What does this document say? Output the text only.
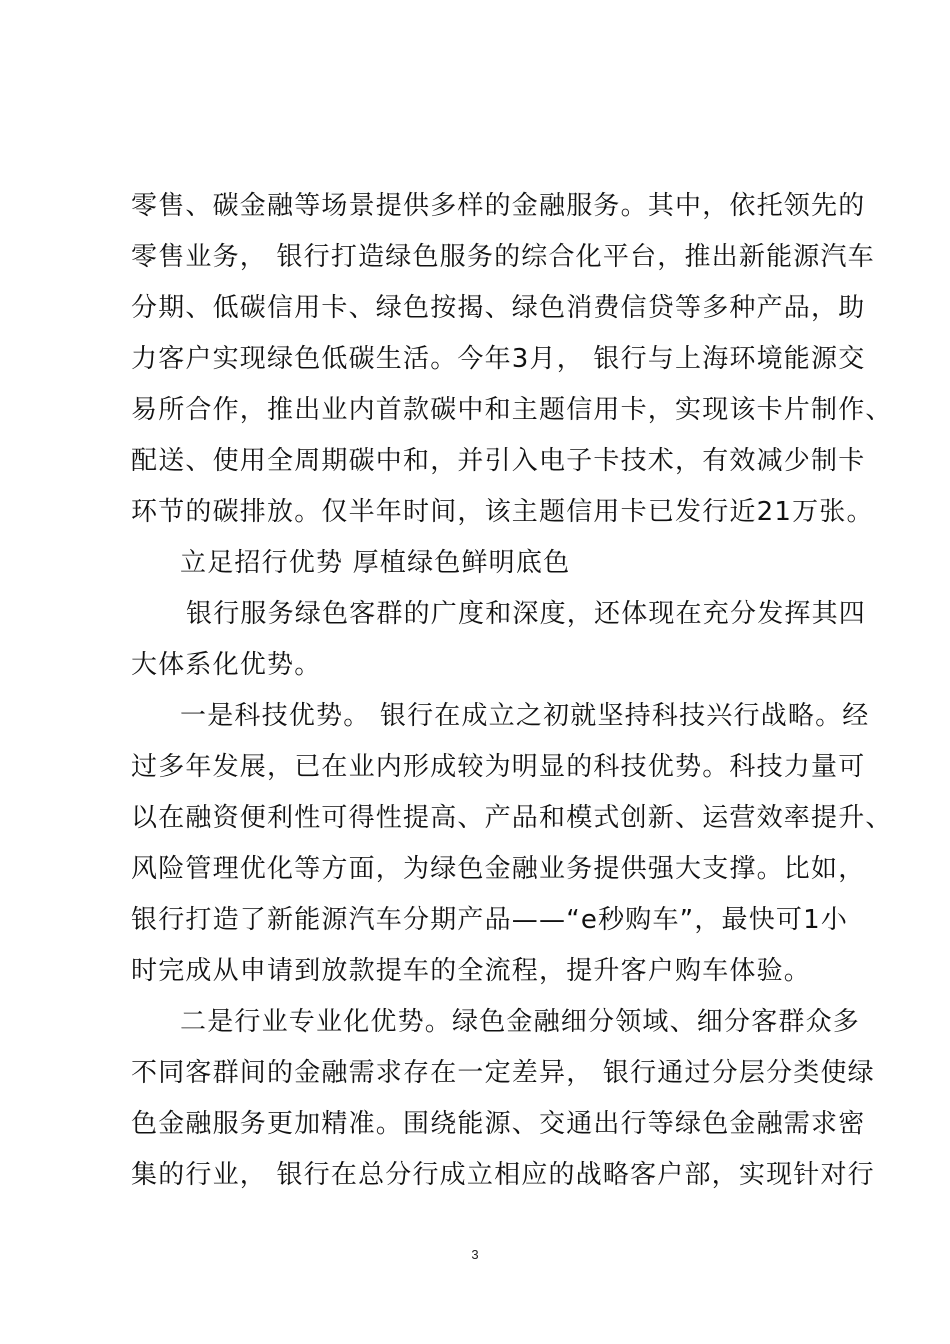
零售、碳金融等场景提供多样的金融服务。其中，依托领先的
零售业务， 银行打造绿色服务的综合化平台，推出新能源汽车
分期、低碳信用卡、绿色按揭、绿色消费信贷等多种产品，助
力客户实现绿色低碳生活。今年3月， 银行与上海环境能源交
易所合作，推出业内首款碳中和主题信用卡，实现该卡片制作、
配送、使用全周期碳中和，并引入电子卡技术，有效减少制卡
环节的碳排放。仅半年时间，该主题信用卡已发行近21万张。
立足招行优势 厚植绿色鲜明底色
银行服务绿色客群的广度和深度，还体现在充分发挥其四
大体系化优势。
一是科技优势。 银行在成立之初就坚持科技兴行战略。经
过多年发展，已在业内形成较为明显的科技优势。科技力量可
以在融资便利性可得性提高、产品和模式创新、运营效率提升、
风险管理优化等方面，为绿色金融业务提供强大支撑。比如，
银行打造了新能源汽车分期产品——“e秒购车”，最快可1小
时完成从申请到放款提车的全流程，提升客户购车体验。
二是行业专业化优势。绿色金融细分领域、细分客群众多
不同客群间的金融需求存在一定差异， 银行通过分层分类使绿
色金融服务更加精准。围绕能源、交通出行等绿色金融需求密
集的行业， 银行在总分行成立相应的战略客户部，实现针对行
3
